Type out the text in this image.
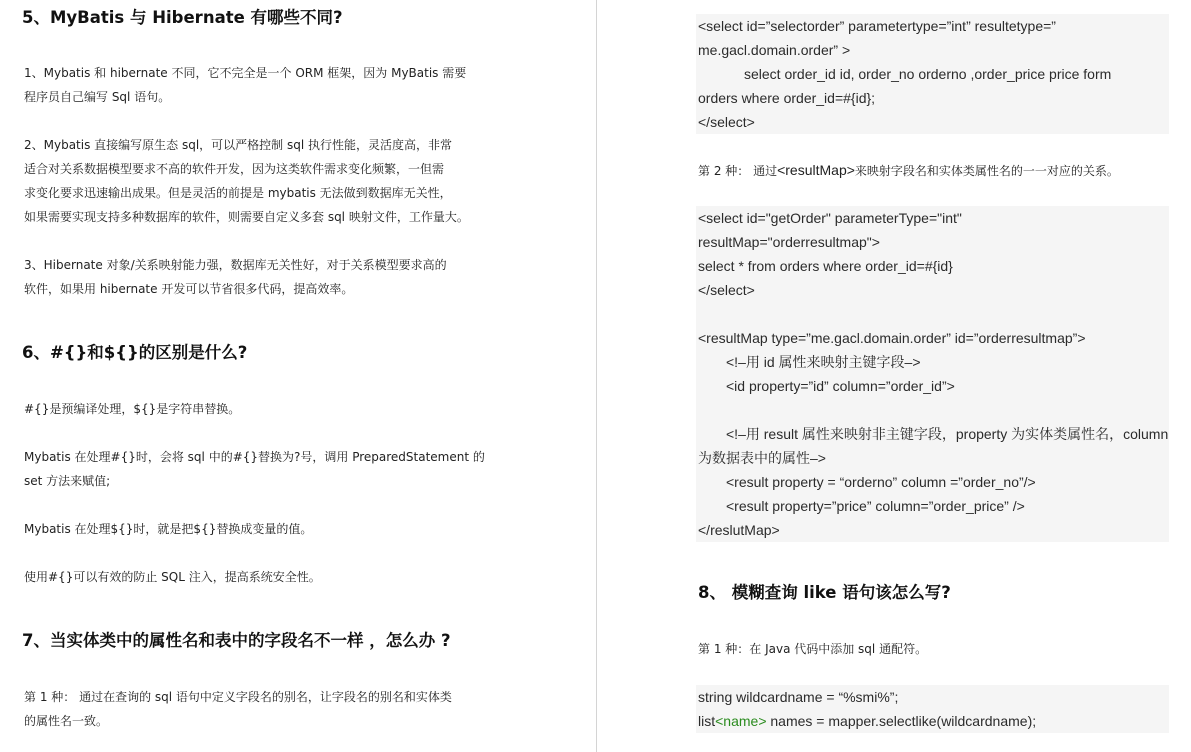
5、MyBatis 与 Hibernate 有哪些不同?
1、Mybatis 和 hibernate 不同，它不完全是一个 ORM 框架，因为 MyBatis 需要
程序员自己编写 Sql 语句。
2、Mybatis 直接编写原生态 sql，可以严格控制 sql 执行性能，灵活度高，非常
适合对关系数据模型要求不高的软件开发，因为这类软件需求变化频繁，一但需
求变化要求迅速输出成果。但是灵活的前提是 mybatis 无法做到数据库无关性，
如果需要实现支持多种数据库的软件，则需要自定义多套 sql 映射文件，工作量大。
3、Hibernate 对象/关系映射能力强，数据库无关性好，对于关系模型要求高的
软件，如果用 hibernate 开发可以节省很多代码，提高效率。
6、#{}和${}的区别是什么?
#{}是预编译处理，${}是字符串替换。
Mybatis 在处理#{}时，会将 sql 中的#{}替换为?号，调用 PreparedStatement 的
set 方法来赋值;
Mybatis 在处理${}时，就是把${}替换成变量的值。
使用#{}可以有效的防止 SQL 注入，提高系统安全性。
7、当实体类中的属性名和表中的字段名不一样 ，怎么办 ?
第 1 种： 通过在查询的 sql 语句中定义字段名的别名，让字段名的别名和实体类
的属性名一致。
<select id=”selectorder” parametertype=”int” resultetype=”
me.gacl.domain.order” >
select order_id id, order_no orderno ,order_price price form
orders where order_id=#{id};
</select>
第 2 种： 通过<resultMap>来映射字段名和实体类属性名的一一对应的关系。
<select id="getOrder" parameterType="int"
resultMap="orderresultmap">
select * from orders where order_id=#{id}
</select>
<resultMap type=”me.gacl.domain.order” id=”orderresultmap”>
<!–用 id 属性来映射主键字段–>
<id property=”id” column=”order_id”>
<!–用 result 属性来映射非主键字段，property 为实体类属性名，column
为数据表中的属性–>
<result property = “orderno” column =”order_no”/>
<result property=”price” column=”order_price” />
</reslutMap>
8、 模糊查询 like 语句该怎么写?
第 1 种：在 Java 代码中添加 sql 通配符。
string wildcardname = “%smi%”;
list<name> names = mapper.selectlike(wildcardname);
